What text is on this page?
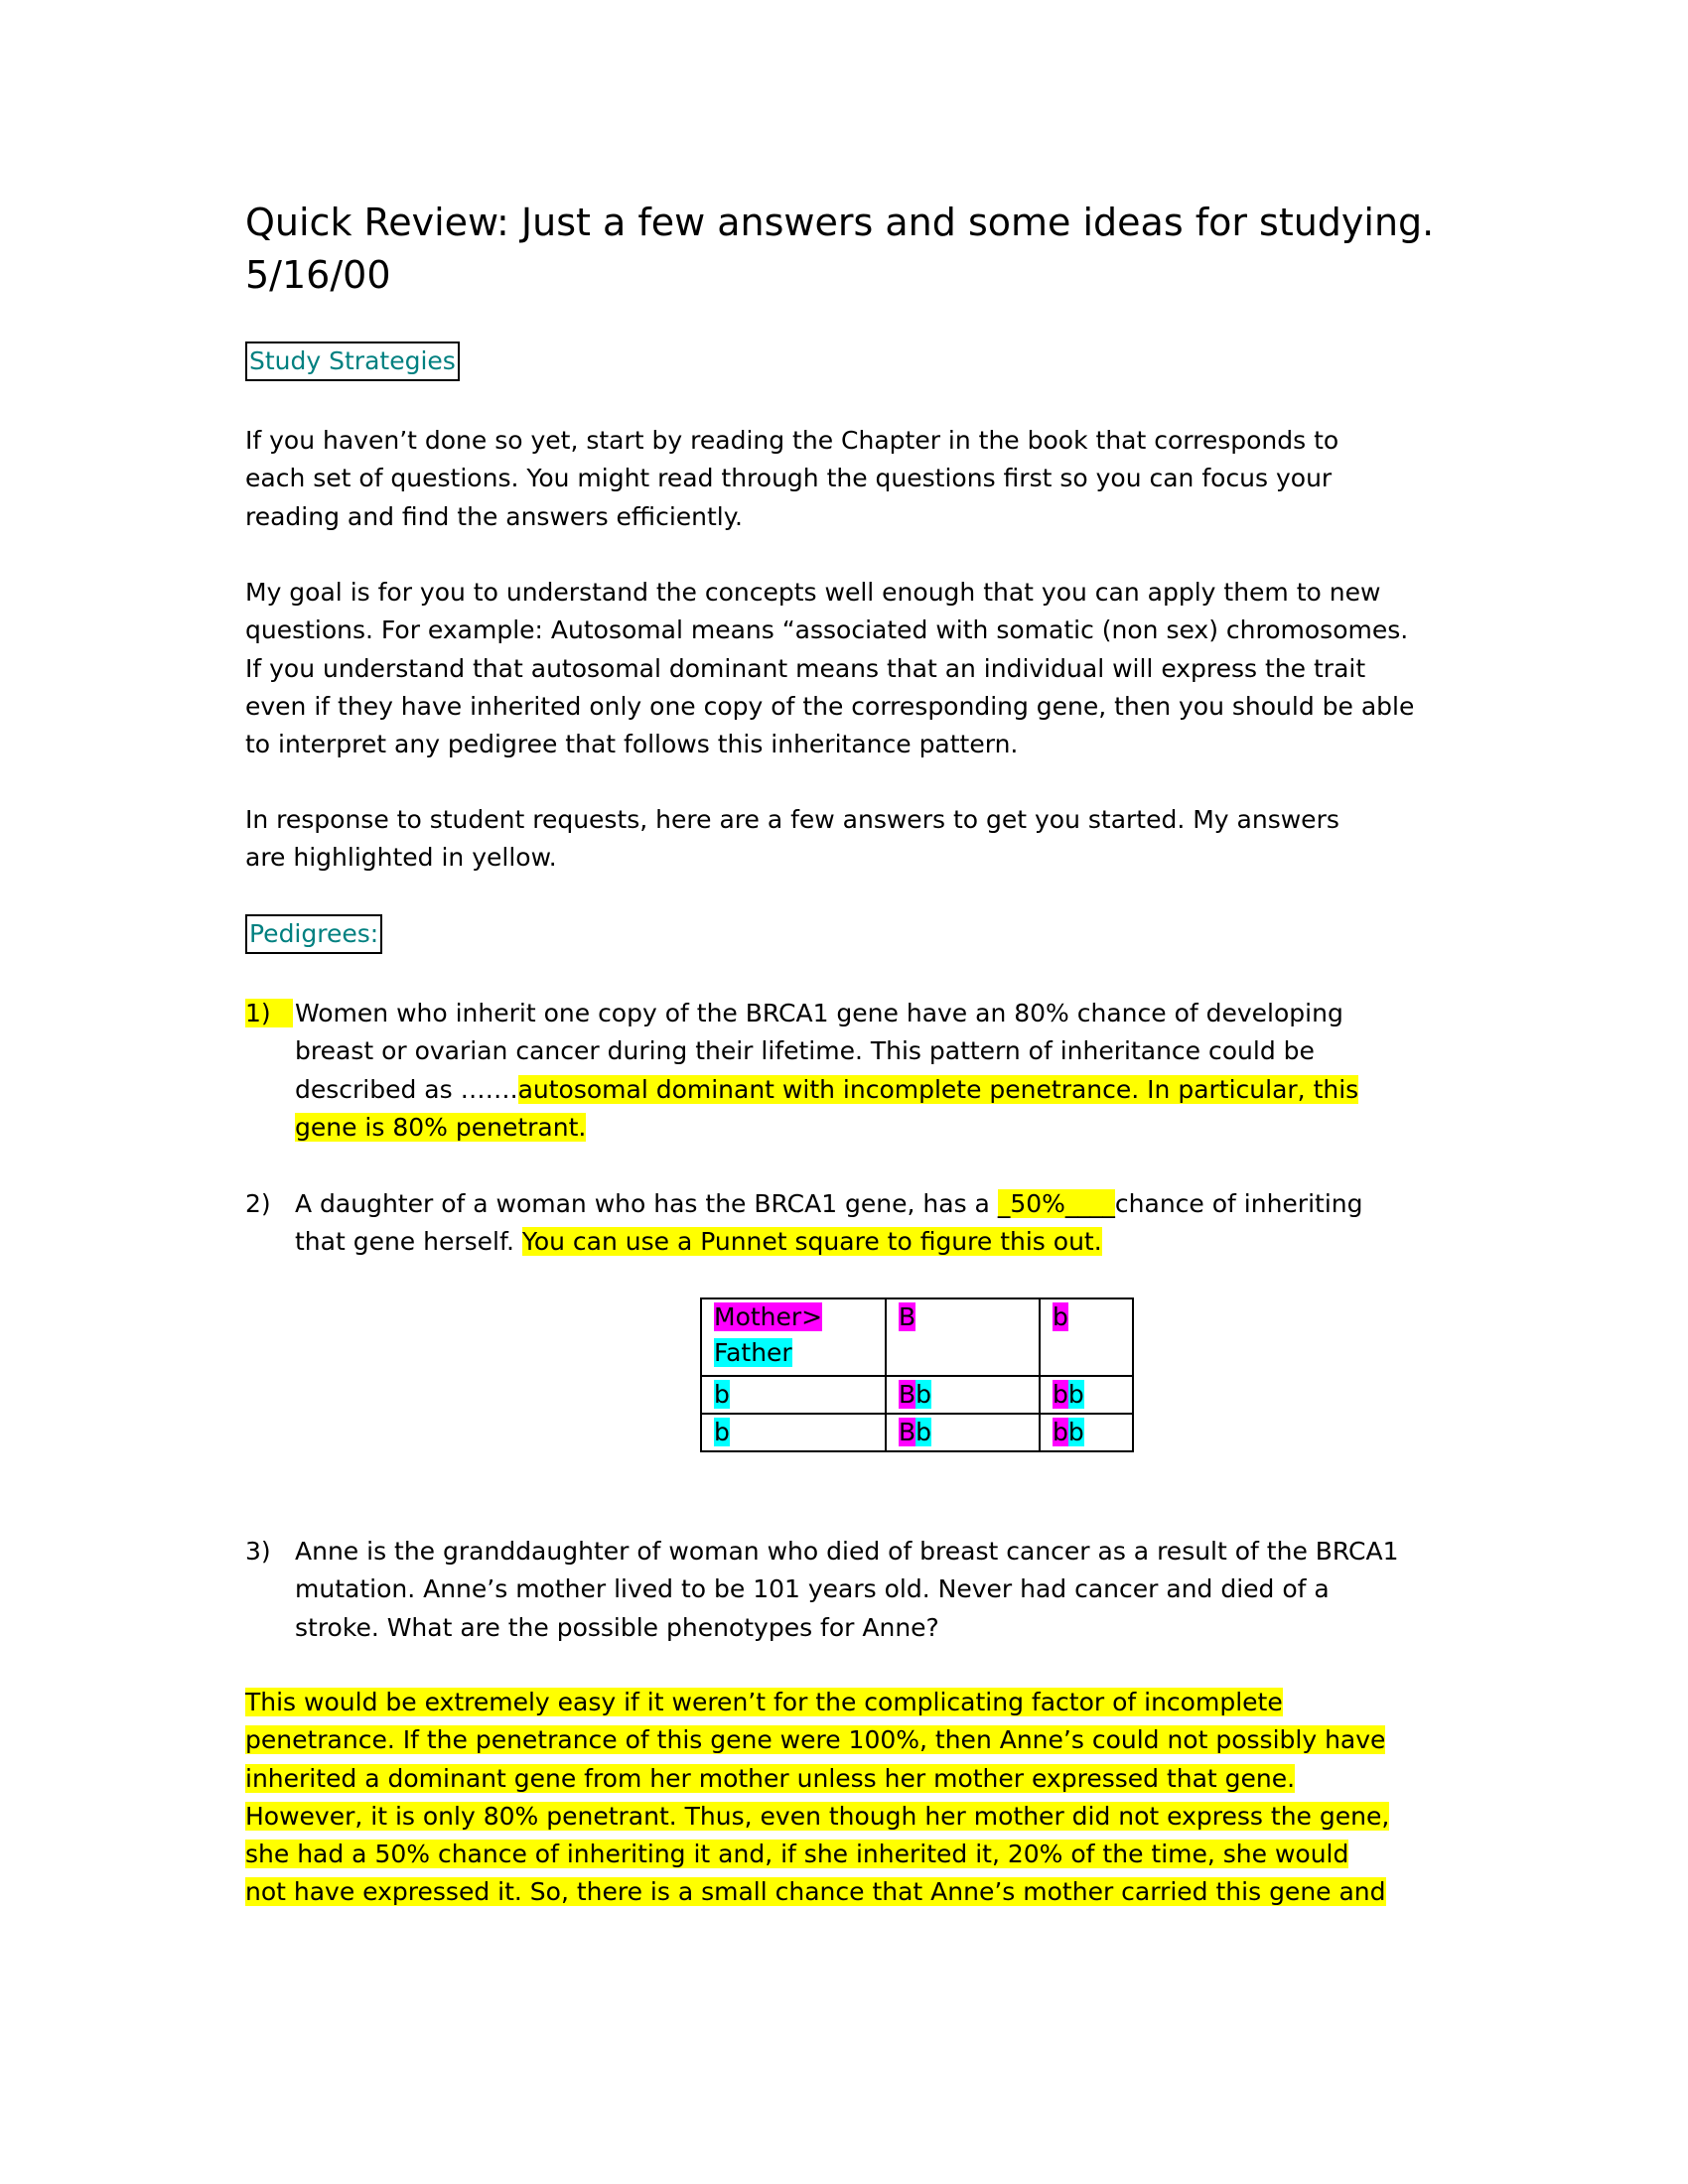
Quick Review: Just a few answers and some ideas for studying.
5/16/00
Study Strategies
If you haven’t done so yet, start by reading the Chapter in the book that corresponds to
each set of questions. You might read through the questions first so you can focus your
reading and find the answers efficiently.
My goal is for you to understand the concepts well enough that you can apply them to new
questions. For example: Autosomal means “associated with somatic (non sex) chromosomes.
If you understand that autosomal dominant means that an individual will express the trait
even if they have inherited only one copy of the corresponding gene, then you should be able
to interpret any pedigree that follows this inheritance pattern.
In response to student requests, here are a few answers to get you started. My answers
are highlighted in yellow.
Pedigrees:
1) Women who inherit one copy of the BRCA1 gene have an 80% chance of developing
breast or ovarian cancer during their lifetime. This pattern of inheritance could be
described as …….autosomal dominant with incomplete penetrance. In particular, this
gene is 80% penetrant.
2) A daughter of a woman who has the BRCA1 gene, has a _50%____chance of inheriting
that gene herself. You can use a Punnet square to figure this out.
Mother>
Father	B	b
b	Bb	bb
b	Bb	bb
3) Anne is the granddaughter of woman who died of breast cancer as a result of the BRCA1
mutation. Anne’s mother lived to be 101 years old. Never had cancer and died of a
stroke. What are the possible phenotypes for Anne?
This would be extremely easy if it weren’t for the complicating factor of incomplete
penetrance. If the penetrance of this gene were 100%, then Anne’s could not possibly have
inherited a dominant gene from her mother unless her mother expressed that gene.
However, it is only 80% penetrant. Thus, even though her mother did not express the gene,
she had a 50% chance of inheriting it and, if she inherited it, 20% of the time, she would
not have expressed it. So, there is a small chance that Anne’s mother carried this gene and
